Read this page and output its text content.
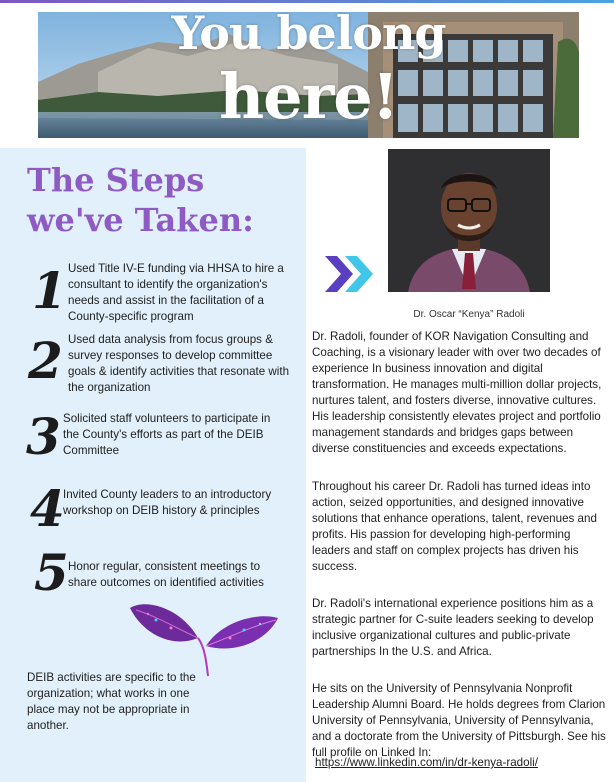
You belong
here!
The Steps
we've Taken:
1 Used Title IV-E funding via HHSA to hire a consultant to identify the organization's needs and assist in the facilitation of a County-specific program
2 Used data analysis from focus groups & survey responses to develop committee goals & identify activities that resonate with the organization
3 Solicited staff volunteers to participate in the County's efforts as part of the DEIB Committee
4
Invited County leaders to an introductory workshop on DEIB history & principles
5 Honor regular, consistent meetings to share outcomes on identified activities
DEIB activities are specific to the organization; what works in one place may not be appropriate in another.
Dr. Oscar “Kenya” Radoli
Dr. Radoli, founder of KOR Navigation Consulting and Coaching, is a visionary leader with over two decades of experience In business innovation and digital transformation. He manages multi-million dollar projects, nurtures talent, and fosters diverse, innovative cultures. His leadership consistently elevates project and portfolio management standards and bridges gaps between diverse constituencies and exceeds expectations.
Throughout his career Dr. Radoli has turned ideas into action, seized opportunities, and designed innovative solutions that enhance operations, talent, revenues and profits. His passion for developing high-performing leaders and staff on complex projects has driven his success.
Dr. Radoli's international experience positions him as a strategic partner for C-suite leaders seeking to develop inclusive organizational cultures and public-private partnerships In the U.S. and Africa.
He sits on the University of Pennsylvania Nonprofit Leadership Alumni Board. He holds degrees from Clarion University of Pennsylvania, University of Pennsylvania, and a doctorate from the University of Pittsburgh. See his full profile on Linked In:
https://www.linkedin.com/in/dr-kenya-radoli/
